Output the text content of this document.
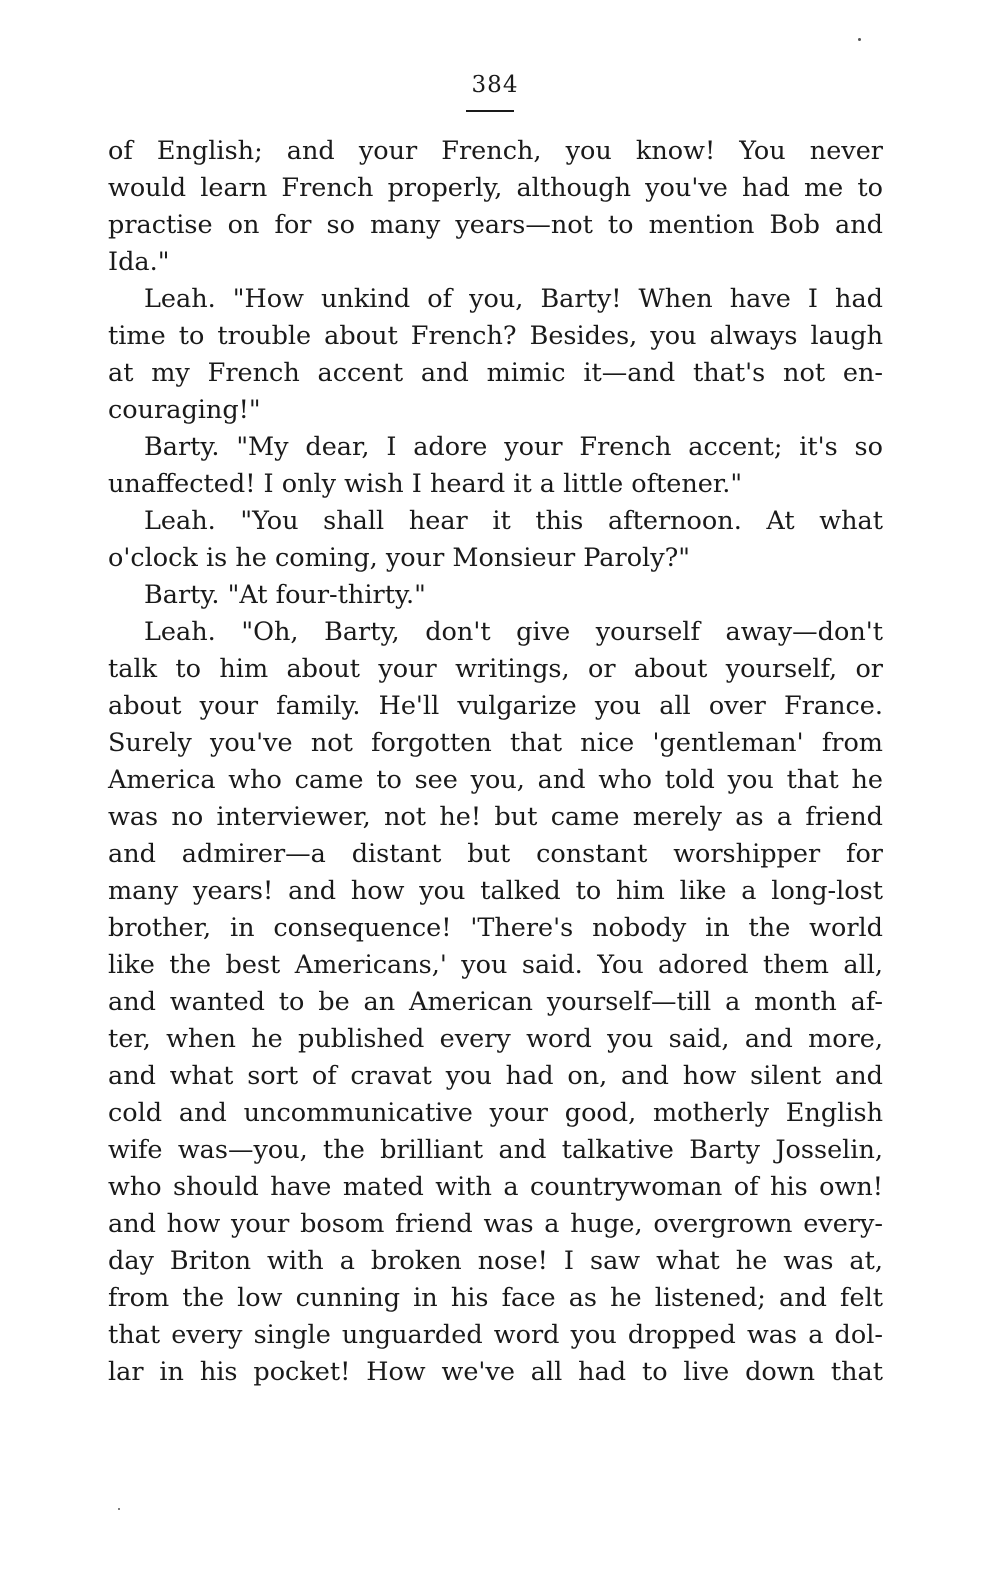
384
of English; and your French, you know! You never
would learn French properly, although you've had me to
practise on for so many years—not to mention Bob and
Ida."
Leah. "How unkind of you, Barty! When have I had
time to trouble about French? Besides, you always laugh
at my French accent and mimic it—and that's not en-
couraging!"
Barty. "My dear, I adore your French accent; it's so
unaffected! I only wish I heard it a little oftener."
Leah. "You shall hear it this afternoon. At what
o'clock is he coming, your Monsieur Paroly?"
Barty. "At four-thirty."
Leah. "Oh, Barty, don't give yourself away—don't
talk to him about your writings, or about yourself, or
about your family. He'll vulgarize you all over France.
Surely you've not forgotten that nice 'gentleman' from
America who came to see you, and who told you that he
was no interviewer, not he! but came merely as a friend
and admirer—a distant but constant worshipper for
many years! and how you talked to him like a long-lost
brother, in consequence! 'There's nobody in the world
like the best Americans,' you said. You adored them all,
and wanted to be an American yourself—till a month af-
ter, when he published every word you said, and more,
and what sort of cravat you had on, and how silent and
cold and uncommunicative your good, motherly English
wife was—you, the brilliant and talkative Barty Josselin,
who should have mated with a countrywoman of his own!
and how your bosom friend was a huge, overgrown every-
day Briton with a broken nose! I saw what he was at,
from the low cunning in his face as he listened; and felt
that every single unguarded word you dropped was a dol-
lar in his pocket! How we've all had to live down that
